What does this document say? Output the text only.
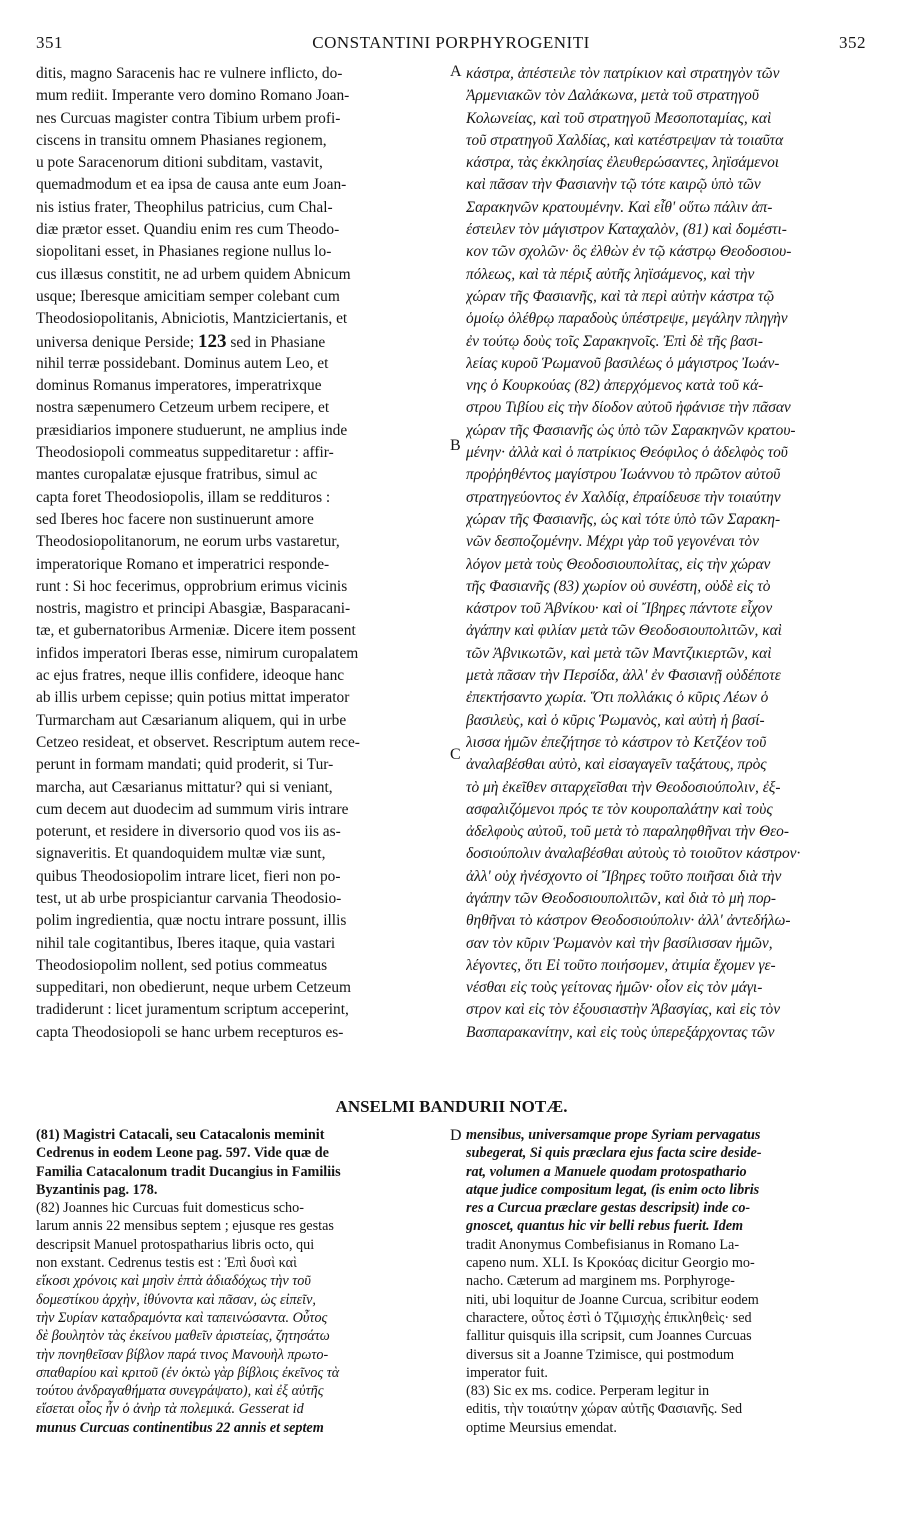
351	CONSTANTINI PORPHYROGENITI	352
ditis, magno Saracenis hac re vulnere inflicto, do-
mum rediit. Imperante vero domino Romano Joan-
nes Curcuas magister contra Tibium urbem profi-
ciscens in transitu omnem Phasianes regionem,
u pote Saracenorum ditioni subditam, vastavit,
quemadmodum et ea ipsa de causa ante eum Joan-
nis istius frater, Theophilus patricius, cum Chal-
diæ prætor esset. Quandiu enim res cum Theodo-
siopolitani esset, in Phasianes regione nullus lo-
cus illæsus constitit, ne ad urbem quidem Abnicum
usque; Iberesque amicitiam semper colebant cum
Theodosiopolitanis, Abniciotis, Mantziciertanis, et
universa denique Perside; 123 sed in Phasiane
nihil terræ possidebant. Dominus autem Leo, et
dominus Romanus imperatores, imperatrixque
nostra sæpenumero Cetzeum urbem recipere, et
præsidiarios imponere studuerunt, ne amplius inde
Theodosiopoli commeatus suppeditaretur : affir-
mantes curopalatæ ejusque fratribus, simul ac
capta foret Theodosiopolis, illam se reddituros :
sed Iberes hoc facere non sustinuerunt amore
Theodosiopolitanorum, ne eorum urbs vastaretur,
imperatorique Romano et imperatrici responde-
runt : Si hoc fecerimus, opprobrium erimus vicinis
nostris, magistro et principi Abasgiæ, Basparacani-
tæ, et gubernatoribus Armeniæ. Dicere item possent
infidos imperatori Iberas esse, nimirum curopalatem
ac ejus fratres, neque illis confidere, ideoque hanc
ab illis urbem cepisse; quin potius mittat imperator
Turmarcham aut Cæsarianum aliquem, qui in urbe
Cetzeo resideat, et observet. Rescriptum autem rece-
perunt in formam mandati; quid proderit, si Tur-
marcha, aut Cæsarianus mittatur? qui si veniant,
cum decem aut duodecim ad summum viris intrare
poterunt, et residere in diversorio quod vos iis as-
signaveritis. Et quandoquidem multæ viæ sunt,
quibus Theodosiopolim intrare licet, fieri non po-
test, ut ab urbe prospiciantur carvania Theodosio-
polim ingredientia, quæ noctu intrare possunt, illis
nihil tale cogitantibus, Iberes itaque, quia vastari
Theodosiopolim nollent, sed potius commeatus
suppeditari, non obedierunt, neque urbem Cetzeum
tradiderunt : licet juramentum scriptum acceperint,
capta Theodosiopoli se hanc urbem recepturos es-
A
B
C
D
κάστρα, ἀπέστειλε τὸν πατρίκιον καὶ στρατηγὸν τῶν
Ἀρμενιακῶν τὸν Δαλάκωνα, μετὰ τοῦ στρατηγοῦ
Κολωνείας, καὶ τοῦ στρατηγοῦ Μεσοποταμίας, καὶ
τοῦ στρατηγοῦ Χαλδίας, καὶ κατέστρεψαν τὰ τοιαῦτα
κάστρα, τὰς ἐκκλησίας ἐλευθερώσαντες, ληϊσάμενοι
καὶ πᾶσαν τὴν Φασιανὴν τῷ τότε καιρῷ ὑπὸ τῶν
Σαρακηνῶν κρατουμένην. Καὶ εἶθ' οὕτω πάλιν ἀπ-
έστειλεν τὸν μάγιστρον Καταχαλὸν, (81) καὶ δομέστι-
κον τῶν σχολῶν· ὃς ἐλθὼν ἐν τῷ κάστρῳ Θεοδοσιου-
πόλεως, καὶ τὰ πέριξ αὐτῆς ληϊσάμενος, καὶ τὴν
χώραν τῆς Φασιανῆς, καὶ τὰ περὶ αὐτὴν κάστρα τῷ
ὁμοίῳ ὀλέθρῳ παραδοὺς ὑπέστρεψε, μεγάλην πληγὴν
ἐν τούτῳ δοὺς τοῖς Σαρακηνοῖς. Ἐπὶ δὲ τῆς βασι-
λείας κυροῦ Ῥωμανοῦ βασιλέως ὁ μάγιστρος Ἰωάν-
νης ὁ Κουρκούας (82) ἀπερχόμενος κατὰ τοῦ κά-
στρου Τιβίου εἰς τὴν δίοδον αὐτοῦ ἠφάνισε τὴν πᾶσαν
χώραν τῆς Φασιανῆς ὡς ὑπὸ τῶν Σαρακηνῶν κρατου-
μένην· ἀλλὰ καὶ ὁ πατρίκιος Θεόφιλος ὁ ἀδελφὸς τοῦ
προῤῥηθέντος μαγίστρου Ἰωάννου τὸ πρῶτον αὐτοῦ
στρατηγεύοντος ἐν Χαλδίᾳ, ἐπραίδευσε τὴν τοιαύτην
χώραν τῆς Φασιανῆς, ὡς καὶ τότε ὑπὸ τῶν Σαρακη-
νῶν δεσποζομένην. Μέχρι γὰρ τοῦ γεγονέναι τὸν
λόγον μετὰ τοὺς Θεοδοσιουπολίτας, εἰς τὴν χώραν
τῆς Φασιανῆς (83) χωρίον οὐ συνέστη, οὐδὲ εἰς τὸ
κάστρον τοῦ Ἀβνίκου· καὶ οἱ Ἴβηρες πάντοτε εἶχον
ἀγάπην καὶ φιλίαν μετὰ τῶν Θεοδοσιουπολιτῶν, καὶ
τῶν Ἀβνικωτῶν, καὶ μετὰ τῶν Μαντζικιερτῶν, καὶ
μετὰ πᾶσαν τὴν Περσίδα, ἀλλ' ἐν Φασιανῇ οὐδέποτε
ἐπεκτήσαντο χωρία. Ὅτι πολλάκις ὁ κῦρις Λέων ὁ
βασιλεὺς, καὶ ὁ κῦρις Ῥωμανὸς, καὶ αὐτὴ ἡ βασί-
λισσα ἡμῶν ἐπεζήτησε τὸ κάστρον τὸ Κετζέον τοῦ
ἀναλαβέσθαι αὐτὸ, καὶ εἰσαγαγεῖν ταξάτους, πρὸς
τὸ μὴ ἐκεῖθεν σιταρχεῖσθαι τὴν Θεοδοσιούπολιν, ἐξ-
ασφαλιζόμενοι πρός τε τὸν κουροπαλάτην καὶ τοὺς
ἀδελφοὺς αὐτοῦ, τοῦ μετὰ τὸ παραληφθῆναι τὴν Θεο-
δοσιούπολιν ἀναλαβέσθαι αὐτοὺς τὸ τοιοῦτον κάστρον·
ἀλλ' οὐχ ἠνέσχοντο οἱ Ἴβηρες τοῦτο ποιῆσαι διὰ τὴν
ἀγάπην τῶν Θεοδοσιουπολιτῶν, καὶ διὰ τὸ μὴ πορ-
θηθῆναι τὸ κάστρον Θεοδοσιούπολιν· ἀλλ' ἀντεδήλω-
σαν τὸν κῦριν Ῥωμανὸν καὶ τὴν βασίλισσαν ἡμῶν,
λέγοντες, ὅτι Εἰ τοῦτο ποιήσομεν, ἀτιμία ἔχομεν γε-
νέσθαι εἰς τοὺς γείτονας ἡμῶν· οἷον εἰς τὸν μάγι-
στρον καὶ εἰς τὸν ἐξουσιαστὴν Ἀβασγίας, καὶ εἰς τὸν
Βασπαρακανίτην, καὶ εἰς τοὺς ὑπερεξάρχοντας τῶν
ANSELMI BANDURII NOTÆ.
(81) Magistri Catacali, seu Catacalonis meminit
Cedrenus in eodem Leone pag. 597. Vide quæ de
Familia Catacalonum tradit Ducangius in Familiis
Byzantinis pag. 178.
(82) Joannes hic Curcuas fuit domesticus scho-
larum annis 22 mensibus septem ; ejusque res gestas
descripsit Manuel protospatharius libris octo, qui
non exstant. Cedrenus testis est : Ἐπὶ δυσὶ καὶ
εἴκοσι χρόνοις καὶ μησὶν ἑπτὰ ἀδιαδόχως τὴν τοῦ
δομεστίκου ἀρχὴν, ἰθύνοντα καὶ πᾶσαν, ὡς εἰπεῖν,
τὴν Συρίαν καταδραμόντα καὶ ταπεινώσαντα. Οὗτος
δὲ βουλητὸν τὰς ἐκείνου μαθεῖν ἀριστείας, ζητησάτω
τὴν πονηθεῖσαν βίβλον παρά τινος Μανουὴλ πρωτο-
σπαθαρίου καὶ κριτοῦ (ἐν ὀκτὼ γὰρ βίβλοις ἐκεῖνος τὰ
τούτου ἀνδραγαθήματα συνεγράψατο), καὶ ἐξ αὐτῆς
εἴσεται οἷος ἦν ὁ ἀνὴρ τὰ πολεμικά. Gesserat id
munus Curcuas continentibus 22 annis et septem
mensibus, universamque prope Syriam pervagatus
subegerat, Si quis præclara ejus facta scire deside-
rat, volumen a Manuele quodam protospathario
atque judice compositum legat, (is enim octo libris
res a Curcua præclare gestas descripsit) inde co-
gnoscet, quantus hic vir belli rebus fuerit. Idem
tradit Anonymus Combefisianus in Romano La-
capeno num. XLI. Is Κροκόας dicitur Georgio mo-
nacho. Cæterum ad marginem ms. Porphyroge-
niti, ubi loquitur de Joanne Curcua, scribitur eodem
charactere, οὗτος ἐστὶ ὁ Τζιμισχὴς ἐπικληθεὶς· sed
fallitur quisquis illa scripsit, cum Joannes Curcuas
diversus sit a Joanne Tzimisce, qui postmodum
imperator fuit.
(83) Sic ex ms. codice. Perperam legitur in
editis, τὴν τοιαύτην χώραν αὐτῆς Φασιανῆς. Sed
optime Meursius emendat.
